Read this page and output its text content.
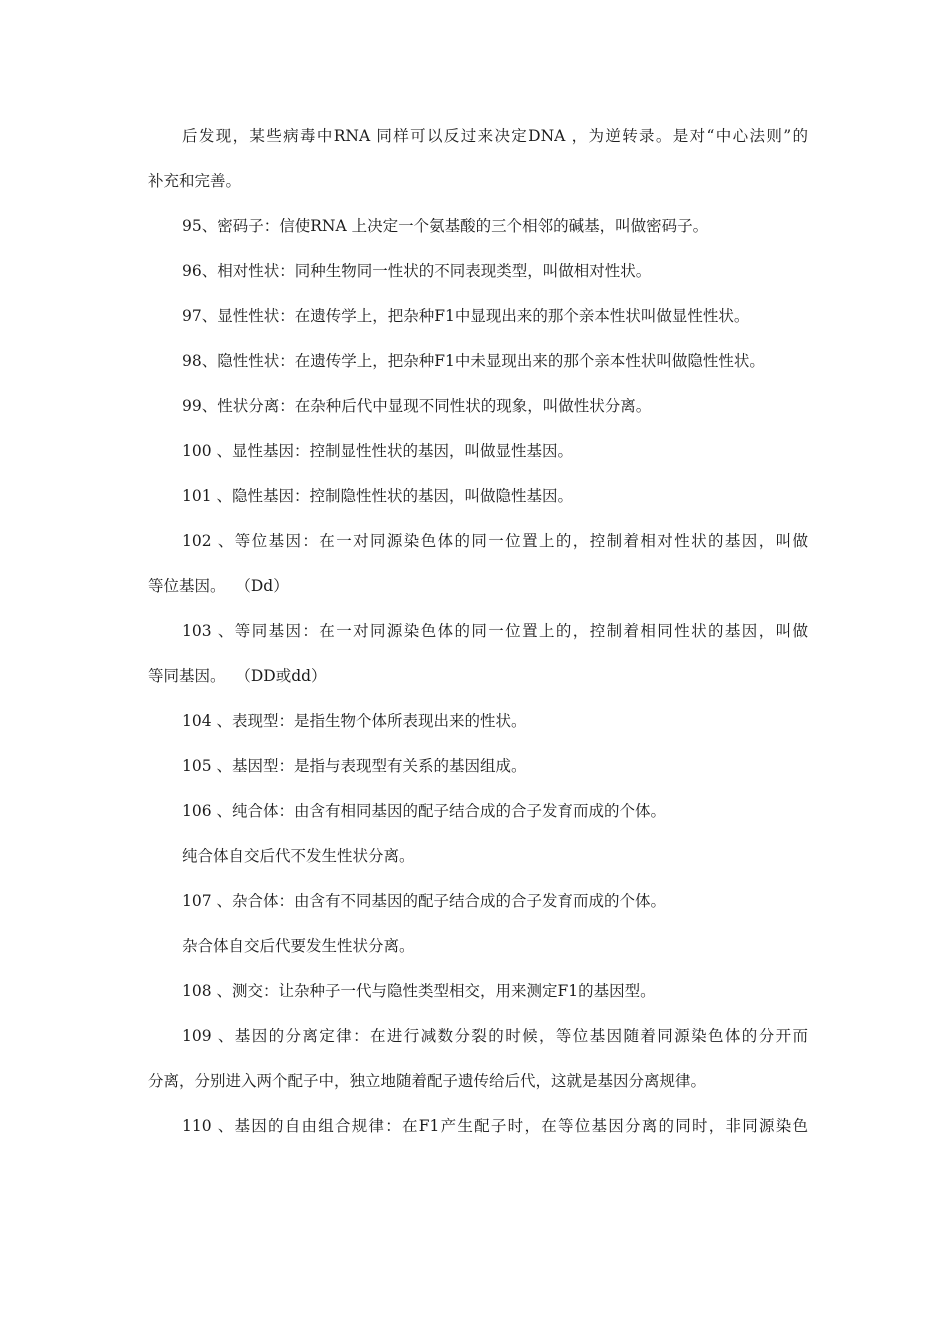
后发现，某些病毒中RNA 同样可以反过来决定DNA ，为逆转录。是对“中心法则”的
补充和完善。
95、密码子：信使RNA 上决定一个氨基酸的三个相邻的碱基，叫做密码子。
96、相对性状：同种生物同一性状的不同表现类型，叫做相对性状。
97、显性性状：在遗传学上，把杂种F1中显现出来的那个亲本性状叫做显性性状。
98、隐性性状：在遗传学上，把杂种F1中未显现出来的那个亲本性状叫做隐性性状。
99、性状分离：在杂种后代中显现不同性状的现象，叫做性状分离。
100 、显性基因：控制显性性状的基因，叫做显性基因。
101 、隐性基因：控制隐性性状的基因，叫做隐性基因。
102 、等位基因：在一对同源染色体的同一位置上的，控制着相对性状的基因，叫做
等位基因。  （Dd）
103 、等同基因：在一对同源染色体的同一位置上的，控制着相同性状的基因，叫做
等同基因。  （DD或dd）
104 、表现型：是指生物个体所表现出来的性状。
105 、基因型：是指与表现型有关系的基因组成。
106 、纯合体：由含有相同基因的配子结合成的合子发育而成的个体。
纯合体自交后代不发生性状分离。
107 、杂合体：由含有不同基因的配子结合成的合子发育而成的个体。
杂合体自交后代要发生性状分离。
108 、测交：让杂种子一代与隐性类型相交，用来测定F1的基因型。
109 、基因的分离定律：在进行减数分裂的时候，等位基因随着同源染色体的分开而
分离，分别进入两个配子中，独立地随着配子遗传给后代，这就是基因分离规律。
110 、基因的自由组合规律：在F1产生配子时，在等位基因分离的同时，非同源染色
